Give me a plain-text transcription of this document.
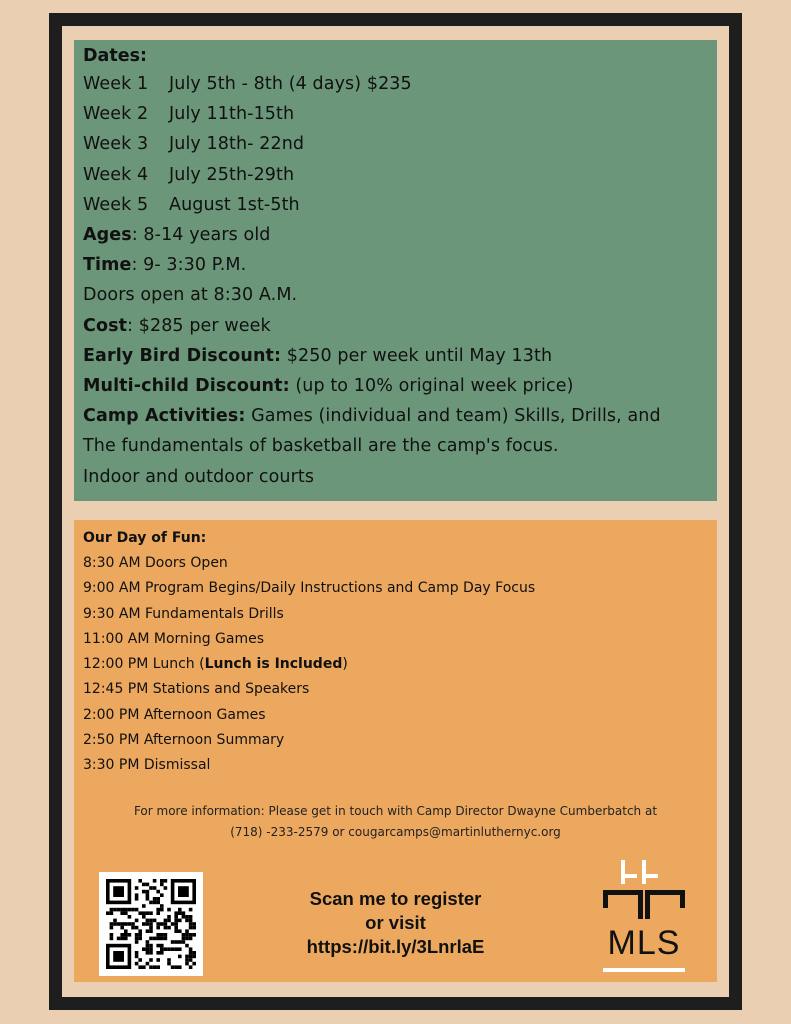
Dates:
Week 1 July 5th - 8th (4 days) $235
Week 2 July 11th-15th
Week 3 July 18th- 22nd
Week 4 July 25th-29th
Week 5 August 1st-5th
Ages: 8-14 years old
Time: 9- 3:30 P.M.
Doors open at 8:30 A.M.
Cost: $285 per week
Early Bird Discount: $250 per week until May 13th
Multi-child Discount: (up to 10% original week price)
Camp Activities: Games (individual and team) Skills, Drills, and
The fundamentals of basketball are the camp's focus.
Indoor and outdoor courts
Our Day of Fun:
8:30 AM Doors Open
9:00 AM Program Begins/Daily Instructions and Camp Day Focus
9:30 AM Fundamentals Drills
11:00 AM Morning Games
12:00 PM Lunch (Lunch is Included)
12:45 PM Stations and Speakers
2:00 PM Afternoon Games
2:50 PM Afternoon Summary
3:30 PM Dismissal
For more information: Please get in touch with Camp Director Dwayne Cumberbatch at
(718) -233-2579 or cougarcamps@martinluthernyc.org
Scan me to register
or visit
https://bit.ly/3LnrlaE	MLS
